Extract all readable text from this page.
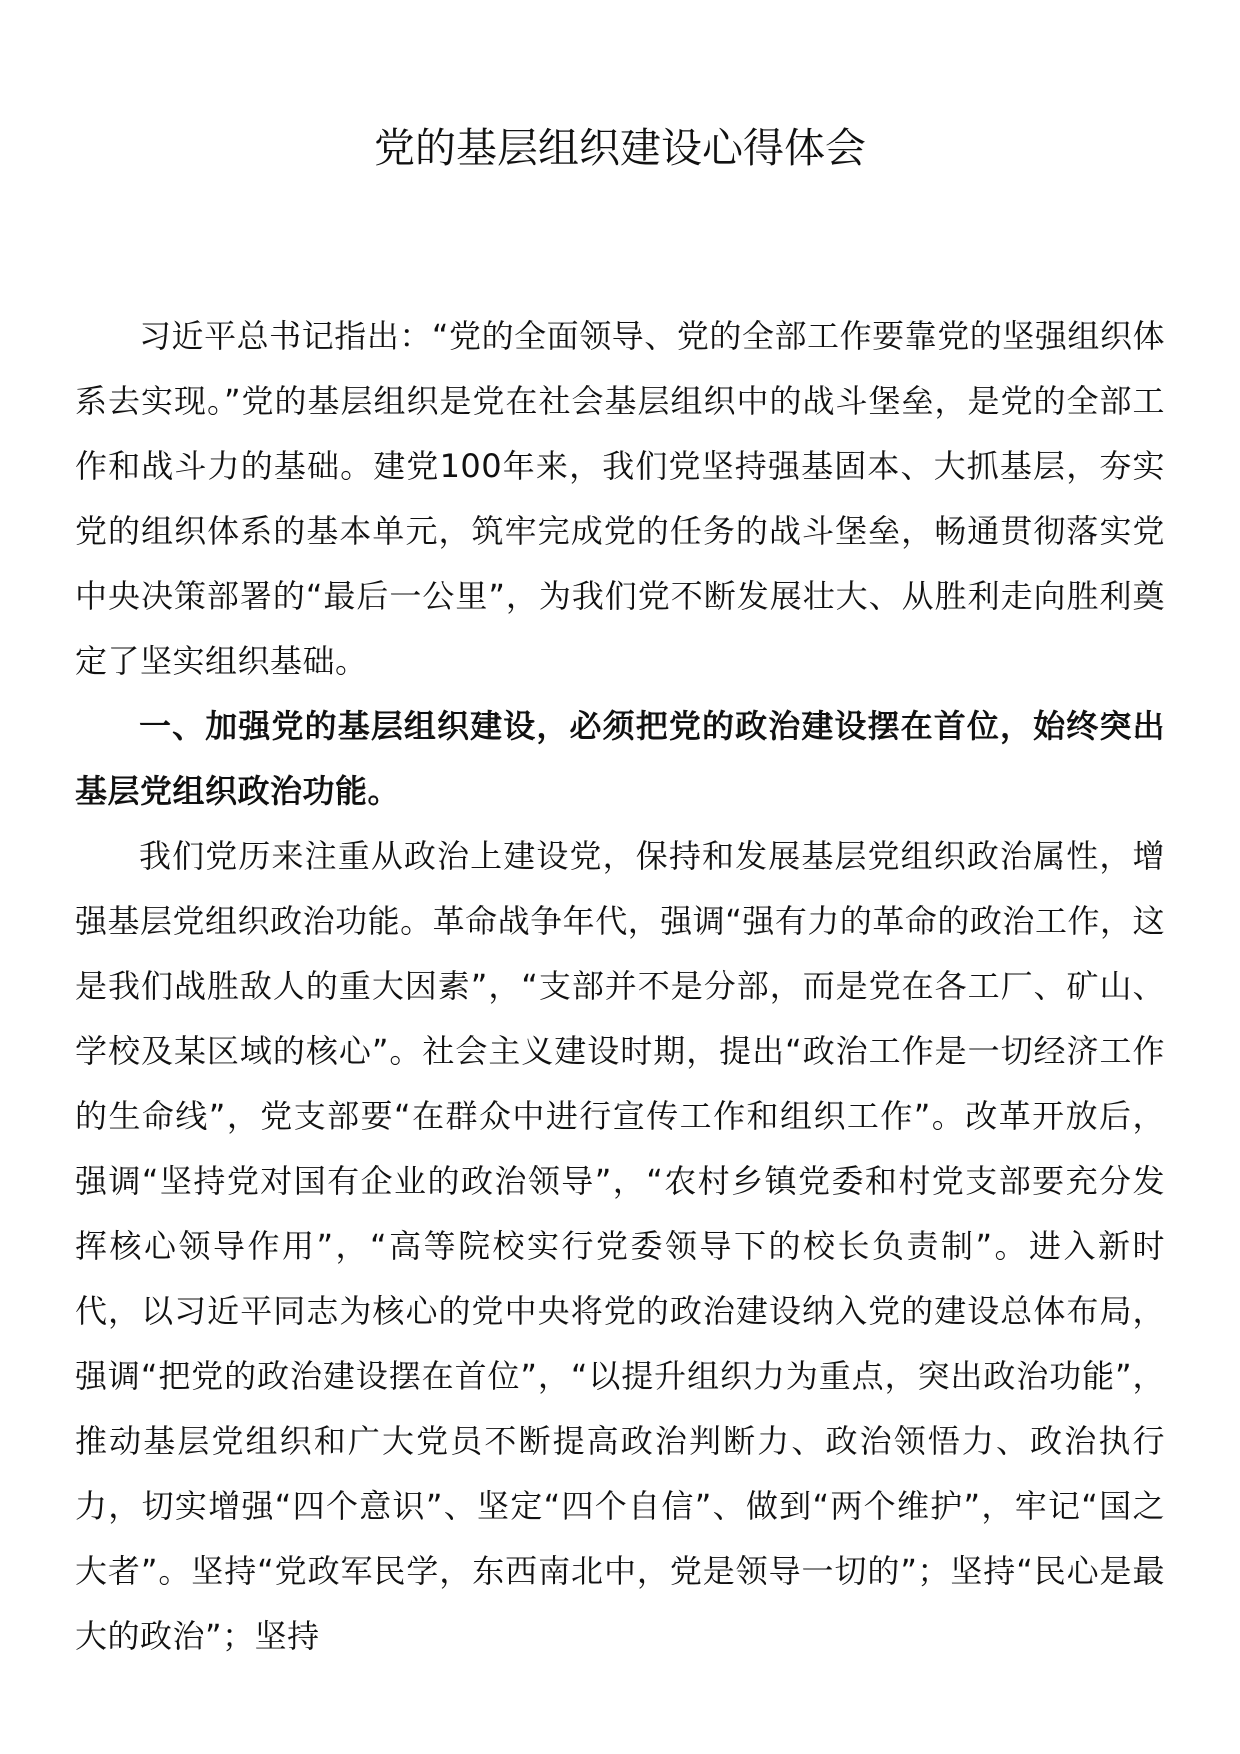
党的基层组织建设心得体会

习近平总书记指出：“党的全面领导、党的全部工作要靠党的坚强组织体系去实现。”党的基层组织是党在社会基层组织中的战斗堡垒，是党的全部工作和战斗力的基础。建党100年来，我们党坚持强基固本、大抓基层，夯实党的组织体系的基本单元，筑牢完成党的任务的战斗堡垒，畅通贯彻落实党中央决策部署的“最后一公里”，为我们党不断发展壮大、从胜利走向胜利奠定了坚实组织基础。

一、加强党的基层组织建设，必须把党的政治建设摆在首位，始终突出基层党组织政治功能。

我们党历来注重从政治上建设党，保持和发展基层党组织政治属性，增强基层党组织政治功能。革命战争年代，强调“强有力的革命的政治工作，这是我们战胜敌人的重大因素”，“支部并不是分部，而是党在各工厂、矿山、学校及某区域的核心”。社会主义建设时期，提出“政治工作是一切经济工作的生命线”，党支部要“在群众中进行宣传工作和组织工作”。改革开放后，强调“坚持党对国有企业的政治领导”，“农村乡镇党委和村党支部要充分发挥核心领导作用”，“高等院校实行党委领导下的校长负责制”。进入新时代，以习近平同志为核心的党中央将党的政治建设纳入党的建设总体布局，强调“把党的政治建设摆在首位”，“以提升组织力为重点，突出政治功能”，推动基层党组织和广大党员不断提高政治判断力、政治领悟力、政治执行力，切实增强“四个意识”、坚定“四个自信”、做到“两个维护”，牢记“国之大者”。坚持“党政军民学，东西南北中，党是领导一切的”；坚持“民心是最大的政治”；坚持
